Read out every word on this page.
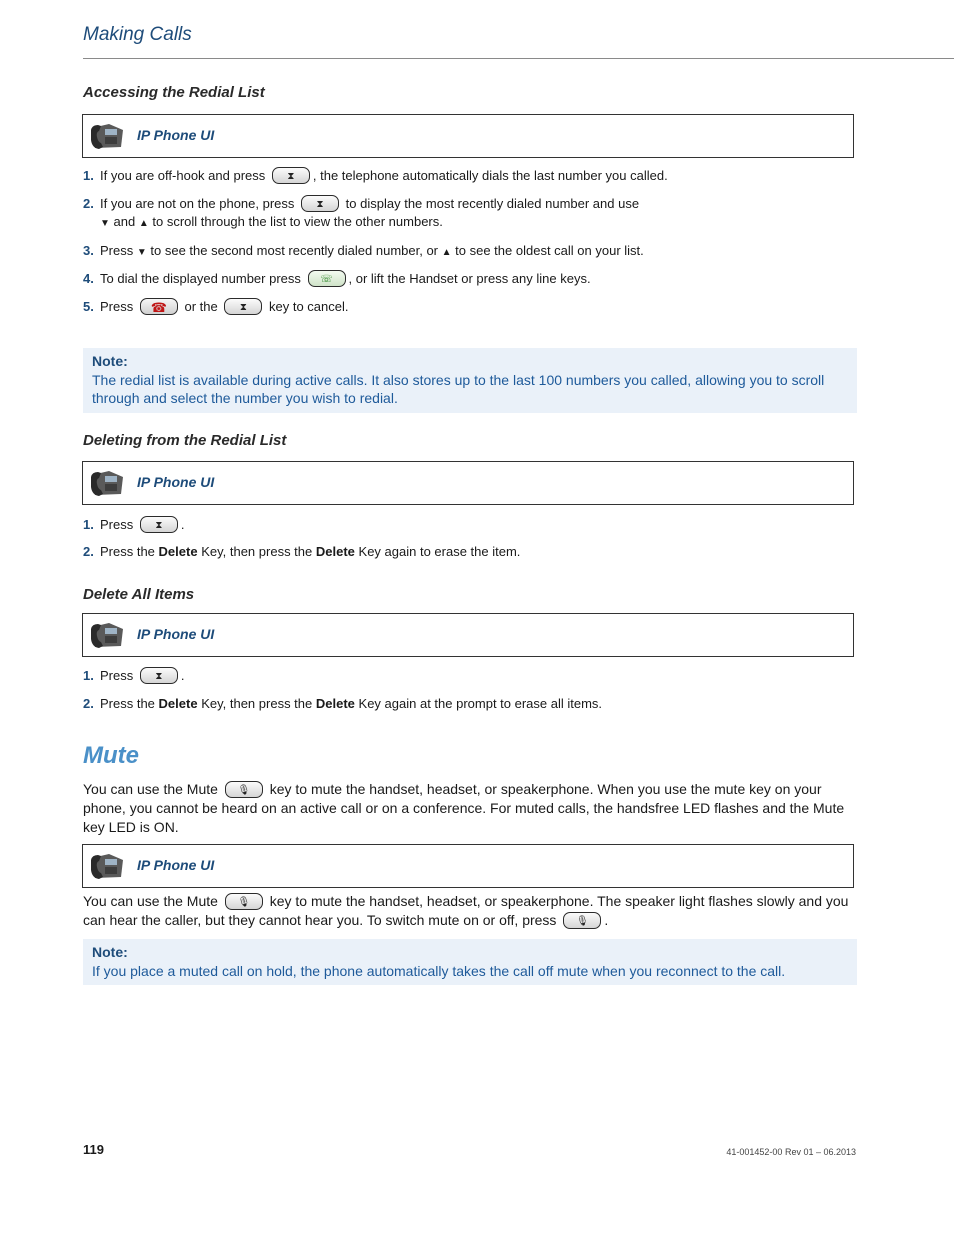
Making Calls
Accessing the Redial List
IP Phone UI
1. If you are off-hook and press ⧗ , the telephone automatically dials the last number you called.
2. If you are not on the phone, press ⧗ to display the most recently dialed number and use
▼ and ▲ to scroll through the list to view the other numbers.
3. Press ▼ to see the second most recently dialed number, or ▲ to see the oldest call on your list.
4. To dial the displayed number press ☏ , or lift the Handset or press any line keys.
5. Press ☎ or the ⧗ key to cancel.
Note:
The redial list is available during active calls. It also stores up to the last 100 numbers you called, allowing you to scroll through and select the number you wish to redial.
Deleting from the Redial List
IP Phone UI
1. Press ⧗ .
2. Press the Delete Key, then press the Delete Key again to erase the item.
Delete All Items
IP Phone UI
1. Press ⧗ .
2. Press the Delete Key, then press the Delete Key again at the prompt to erase all items.
Mute
You can use the Mute 🎙 key to mute the handset, headset, or speakerphone. When you use the mute key on your phone, you cannot be heard on an active call or on a conference. For muted calls, the handsfree LED flashes and the Mute key LED is ON.
IP Phone UI
You can use the Mute 🎙 key to mute the handset, headset, or speakerphone. The speaker light flashes slowly and you can hear the caller, but they cannot hear you. To switch mute on or off, press 🎙 .
Note:
If you place a muted call on hold, the phone automatically takes the call off mute when you reconnect to the call.
119	41-001452-00 Rev 01 – 06.2013
